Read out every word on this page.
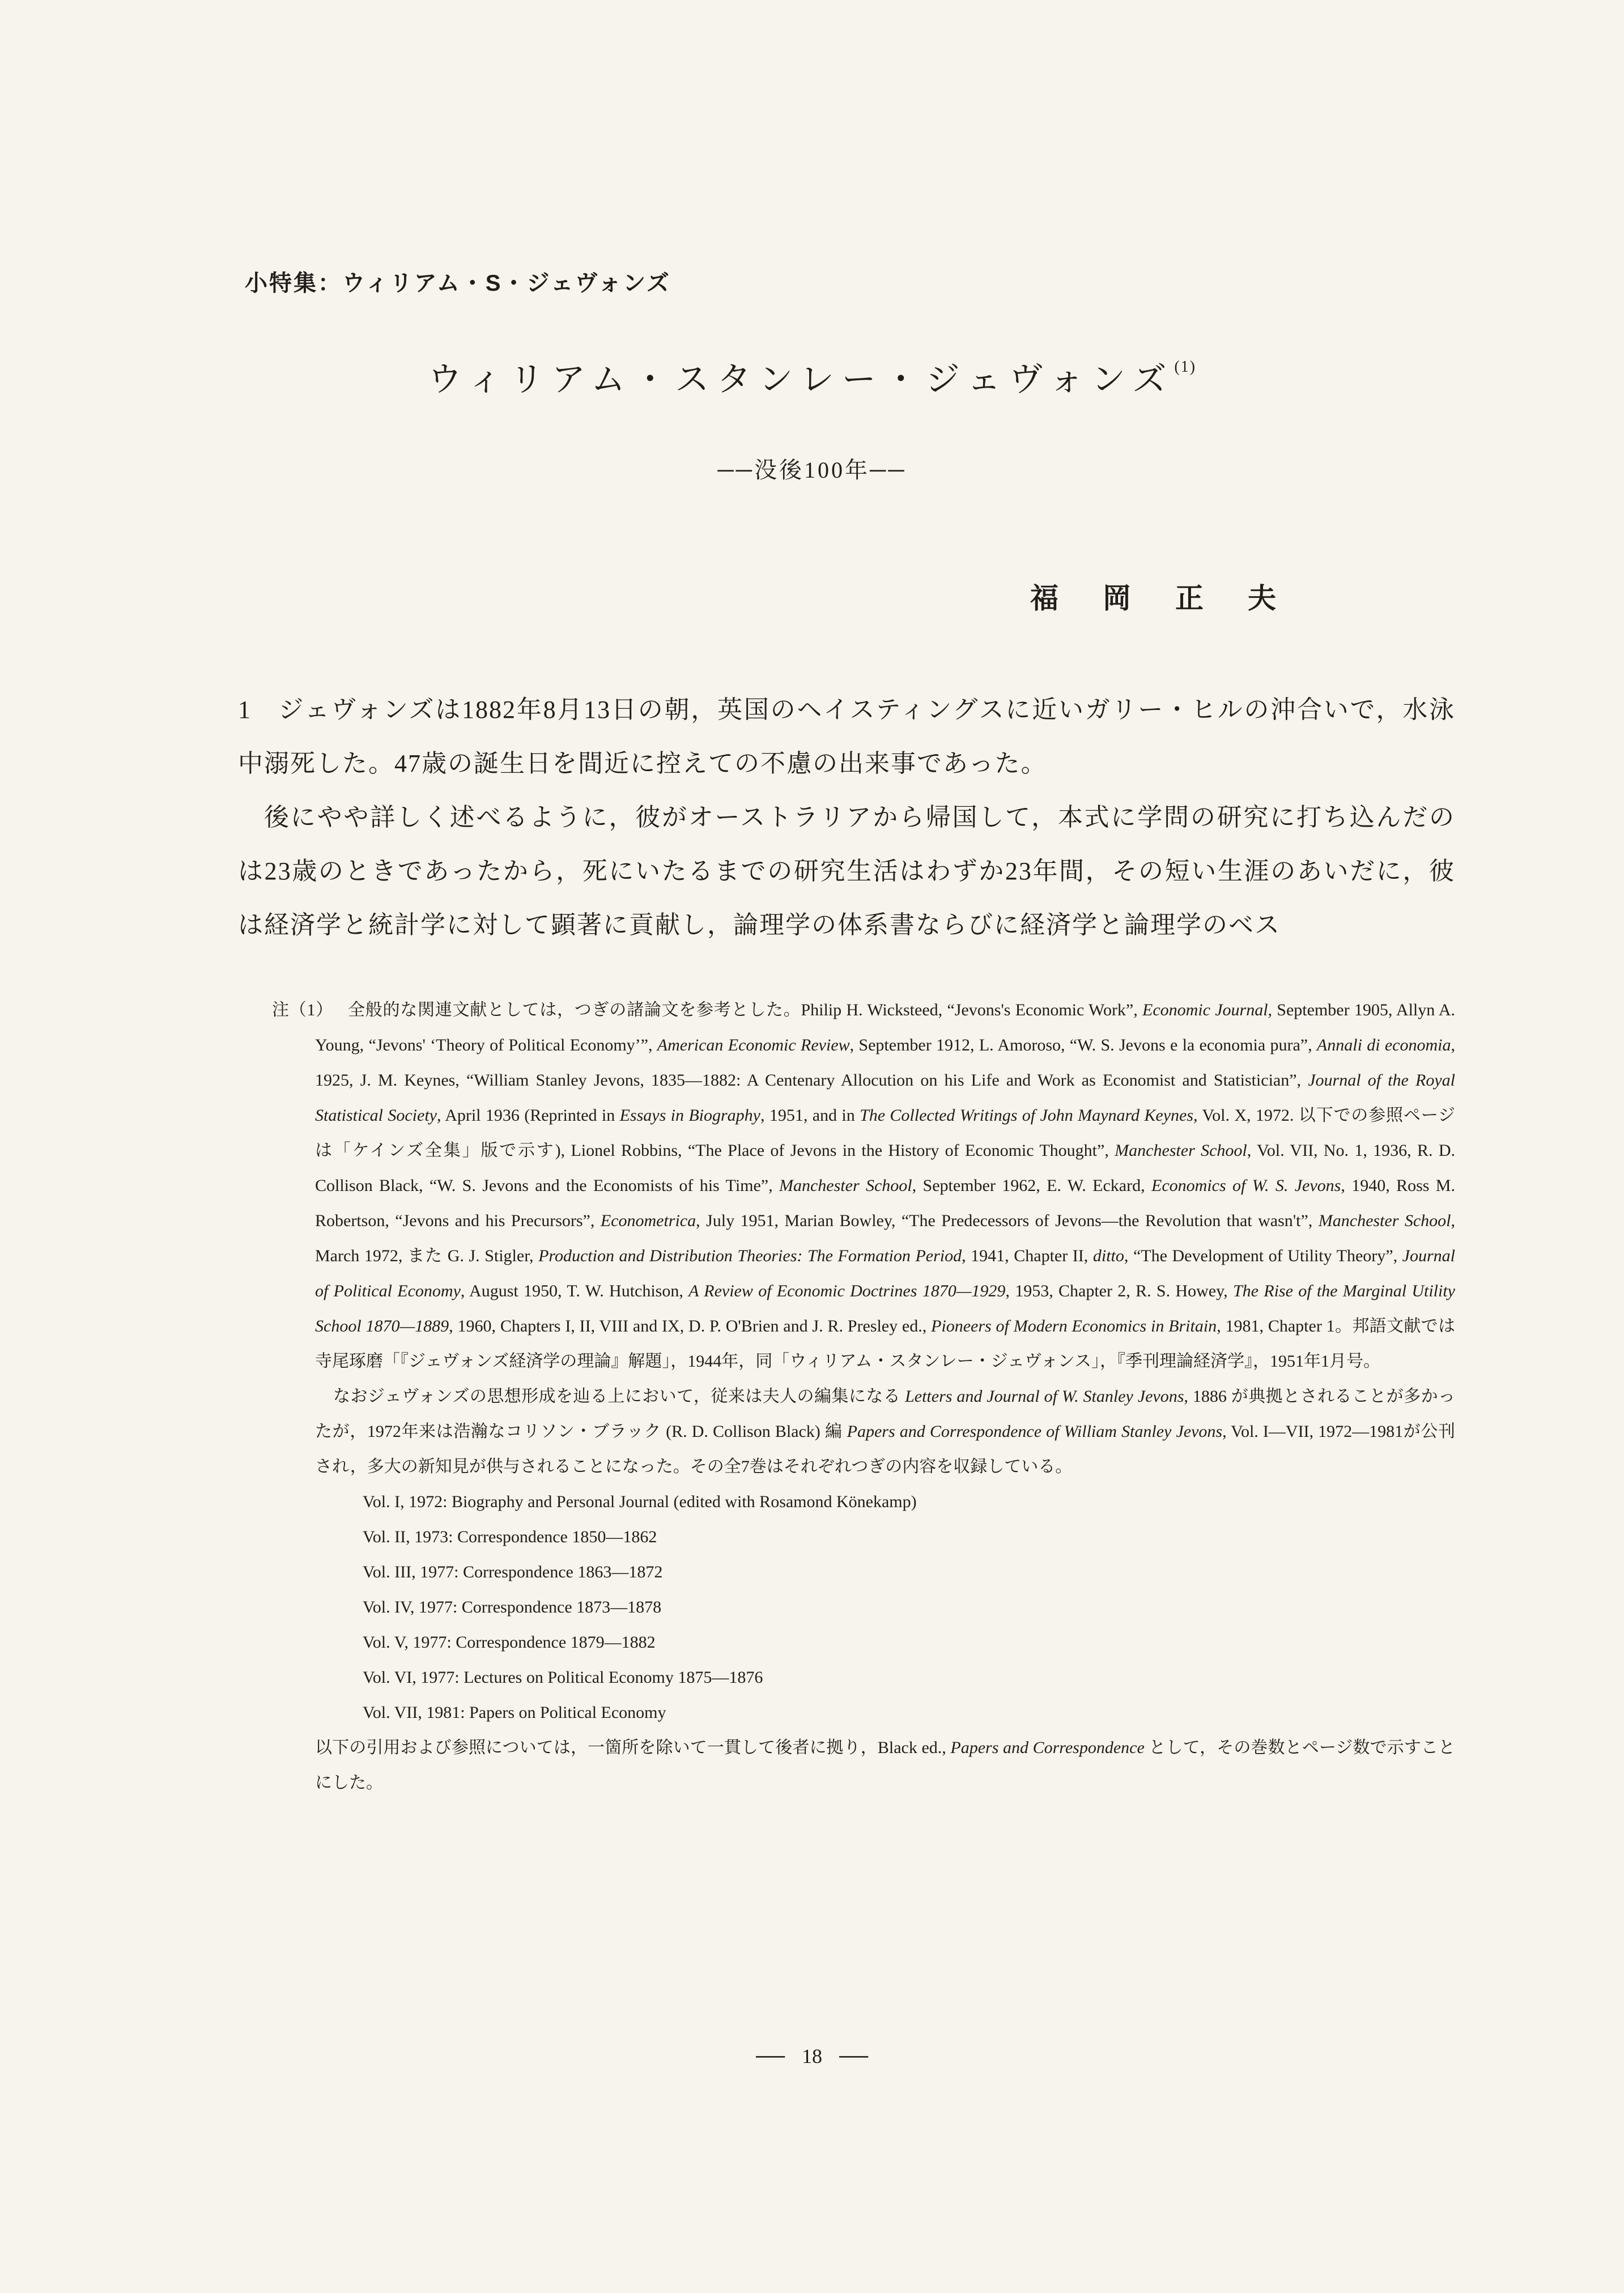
小特集：ウィリアム・S・ジェヴォンズ
ウィリアム・スタンレー・ジェヴォンズ$^{(1)}$
──没後100年──
福　岡　正　夫

1　ジェヴォンズは1882年8月13日の朝，英国のヘイスティングスに近いガリー・ヒルの沖合いで，水泳中溺死した。47歳の誕生日を間近に控えての不慮の出来事であった。

後にやや詳しく述べるように，彼がオーストラリアから帰国して，本式に学問の研究に打ち込んだのは23歳のときであったから，死にいたるまでの研究生活はわずか23年間，その短い生涯のあいだに，彼は経済学と統計学に対して顕著に貢献し，論理学の体系書ならびに経済学と論理学のベス

注（1） 全般的な関連文献としては，つぎの諸論文を参考とした。Philip H. Wicksteed, “Jevons's Economic Work”, Economic Journal, September 1905, Allyn A. Young, “Jevons' ‘Theory of Political Economy’”, American Economic Review, September 1912, L. Amoroso, “W. S. Jevons e la economia pura”, Annali di economia, 1925, J. M. Keynes, “William Stanley Jevons, 1835—1882: A Centenary Allocution on his Life and Work as Economist and Statistician”, Journal of the Royal Statistical Society, April 1936 (Reprinted in Essays in Biography, 1951, and in The Collected Writings of John Maynard Keynes, Vol. X, 1972. 以下での参照ページは「ケインズ全集」版で示す), Lionel Robbins, “The Place of Jevons in the History of Economic Thought”, Manchester School, Vol. VII, No. 1, 1936, R. D. Collison Black, “W. S. Jevons and the Economists of his Time”, Manchester School, September 1962, E. W. Eckard, Economics of W. S. Jevons, 1940, Ross M. Robertson, “Jevons and his Precursors”, Econometrica, July 1951, Marian Bowley, “The Predecessors of Jevons—the Revolution that wasn't”, Manchester School, March 1972, また G. J. Stigler, Production and Distribution Theories: The Formation Period, 1941, Chapter II, ditto, “The Development of Utility Theory”, Journal of Political Economy, August 1950, T. W. Hutchison, A Review of Economic Doctrines 1870—1929, 1953, Chapter 2, R. S. Howey, The Rise of the Marginal Utility School 1870—1889, 1960, Chapters I, II, VIII and IX, D. P. O'Brien and J. R. Presley ed., Pioneers of Modern Economics in Britain, 1981, Chapter 1。邦語文献では寺尾琢磨「『ジェヴォンズ経済学の理論』解題」，1944年，同「ウィリアム・スタンレー・ジェヴォンス」，『季刊理論経済学』，1951年1月号。

なおジェヴォンズの思想形成を辿る上において，従来は夫人の編集になる Letters and Journal of W. Stanley Jevons, 1886 が典拠とされることが多かったが，1972年来は浩瀚なコリソン・ブラック (R. D. Collison Black) 編 Papers and Correspondence of William Stanley Jevons, Vol. I—VII, 1972—1981が公刊され，多大の新知見が供与されることになった。その全7巻はそれぞれつぎの内容を収録している。

Vol. I, 1972: Biography and Personal Journal (edited with Rosamond Könekamp)
Vol. II, 1973: Correspondence 1850—1862
Vol. III, 1977: Correspondence 1863—1872
Vol. IV, 1977: Correspondence 1873—1878
Vol. V, 1977: Correspondence 1879—1882
Vol. VI, 1977: Lectures on Political Economy 1875—1876
Vol. VII, 1981: Papers on Political Economy

以下の引用および参照については，一箇所を除いて一貫して後者に拠り，Black ed., Papers and Correspondence として，その巻数とページ数で示すことにした。

── 18 ──
